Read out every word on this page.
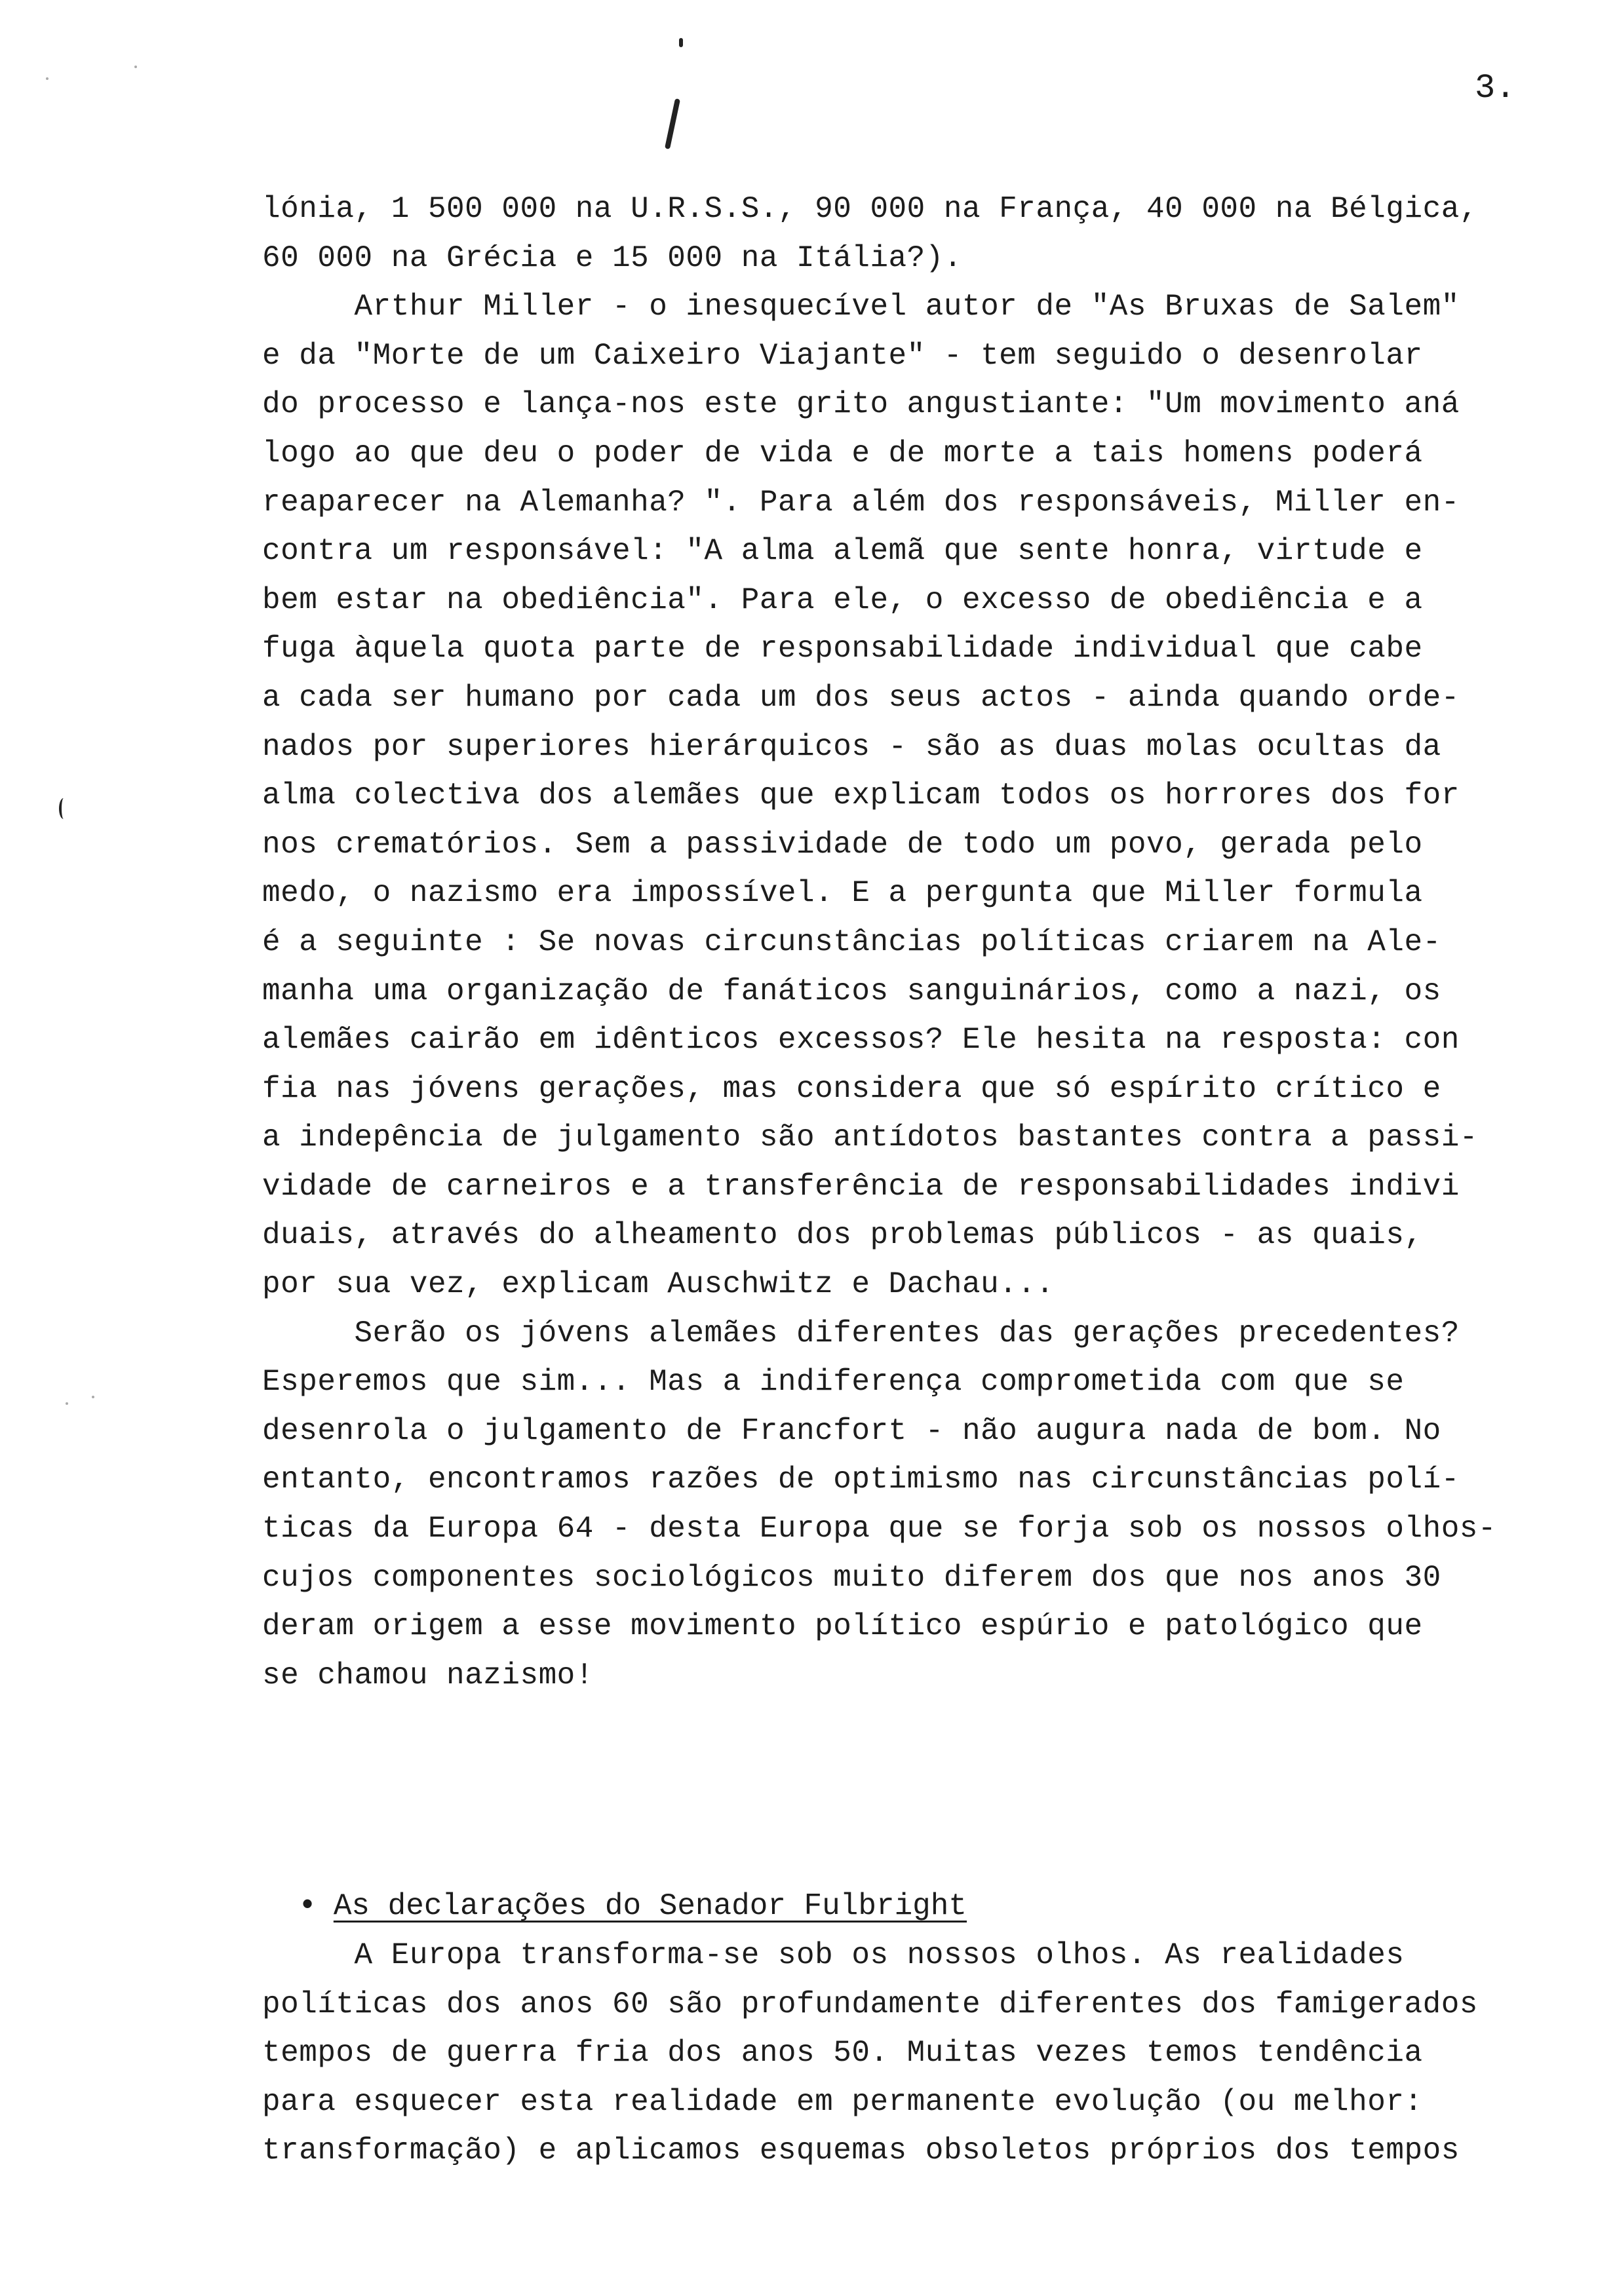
3.
lónia, 1 500 000 na U.R.S.S., 90 000 na França, 40 000 na Bélgica,
60 000 na Grécia e 15 000 na Itália?).
Arthur Miller - o inesquecível autor de "As Bruxas de Salem"
e da "Morte de um Caixeiro Viajante" - tem seguido o desenrolar
do processo e lança-nos este grito angustiante: "Um movimento aná
logo ao que deu o poder de vida e de morte a tais homens poderá
reaparecer na Alemanha? ". Para além dos responsáveis, Miller en-
contra um responsável: "A alma alemã que sente honra, virtude e
bem estar na obediência". Para ele, o excesso de obediência e a
fuga àquela quota parte de responsabilidade individual que cabe
a cada ser humano por cada um dos seus actos - ainda quando orde-
nados por superiores hierárquicos - são as duas molas ocultas da
alma colectiva dos alemães que explicam todos os horrores dos for
nos crematórios. Sem a passividade de todo um povo, gerada pelo
medo, o nazismo era impossível. E a pergunta que Miller formula
é a seguinte : Se novas circunstâncias políticas criarem na Ale-
manha uma organização de fanáticos sanguinários, como a nazi, os
alemães cairão em idênticos excessos? Ele hesita na resposta: con
fia nas jóvens gerações, mas considera que só espírito crítico e
a indepência de julgamento são antídotos bastantes contra a passi-
vidade de carneiros e a transferência de responsabilidades indivi
duais, através do alheamento dos problemas públicos - as quais,
por sua vez, explicam Auschwitz e Dachau...
Serão os jóvens alemães diferentes das gerações precedentes?
Esperemos que sim... Mas a indiferença comprometida com que se
desenrola o julgamento de Francfort - não augura nada de bom. No
entanto, encontramos razões de optimismo nas circunstâncias polí-
ticas da Europa 64 - desta Europa que se forja sob os nossos olhos-
cujos componentes sociológicos muito diferem dos que nos anos 30
deram origem a esse movimento político espúrio e patológico que
se chamou nazismo!

• As declarações do Senador Fulbright

A Europa transforma-se sob os nossos olhos. As realidades
políticas dos anos 60 são profundamente diferentes dos famigerados
tempos de guerra fria dos anos 50. Muitas vezes temos tendência
para esquecer esta realidade em permanente evolução (ou melhor:
transformação) e aplicamos esquemas obsoletos próprios dos tempos
